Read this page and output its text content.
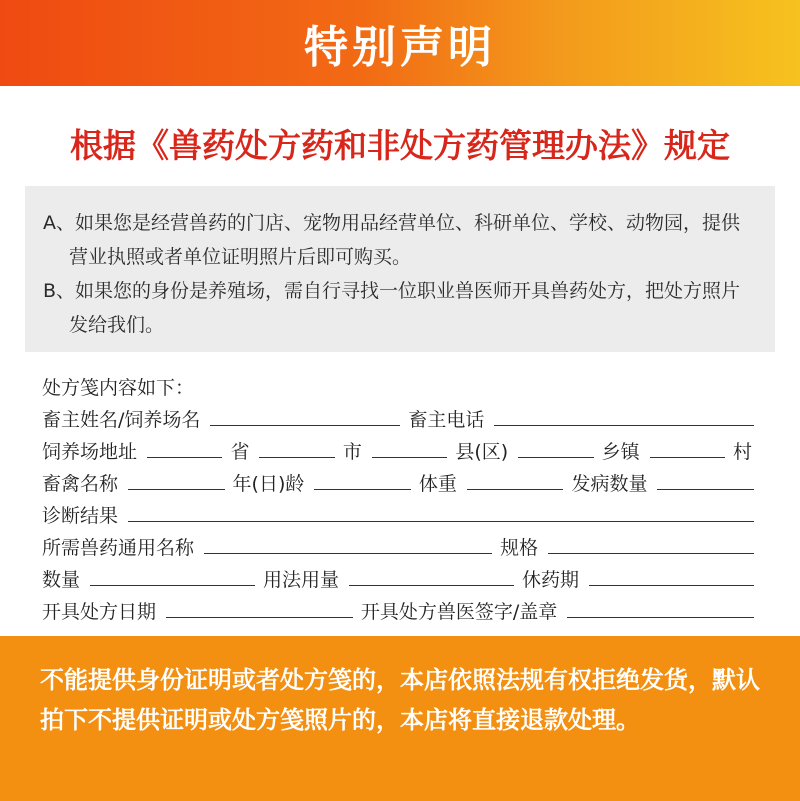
特别声明
根据《兽药处方药和非处方药管理办法》规定
A、如果您是经营兽药的门店、宠物用品经营单位、科研单位、学校、动物园，提供营业执照或者单位证明照片后即可购买。
B、如果您的身份是养殖场，需自行寻找一位职业兽医师开具兽药处方，把处方照片发给我们。
处方笺内容如下：
畜主姓名/饲养场名	畜主电话
饲养场地址	省	市	县(区)	乡镇	村
畜禽名称	年(日)龄	体重	发病数量
诊断结果
所需兽药通用名称	规格
数量	用法用量	休药期
开具处方日期	开具处方兽医签字/盖章
不能提供身份证明或者处方笺的，本店依照法规有权拒绝发货，默认拍下不提供证明或处方笺照片的，本店将直接退款处理。
